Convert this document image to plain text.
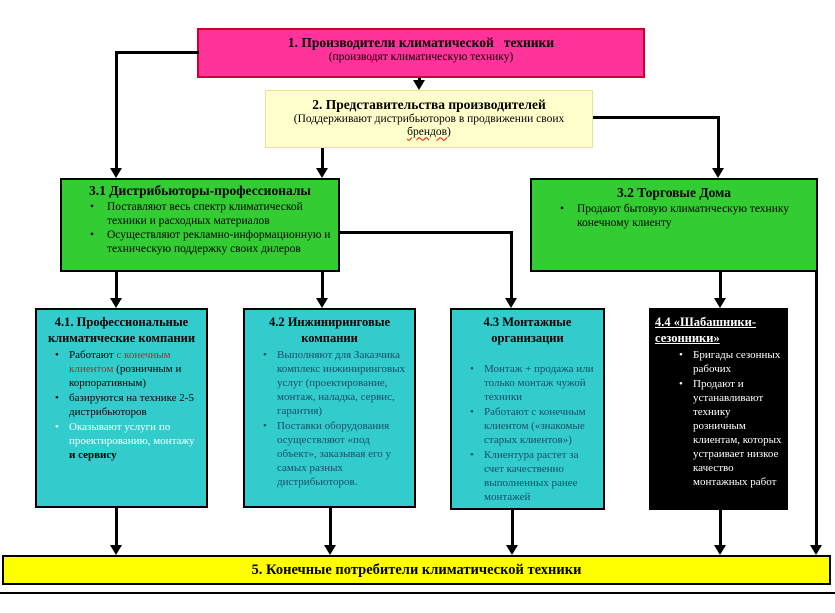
1. Производители климатической   техники
(производят климатическую технику)
2. Представительства производителей
(Поддерживают дистрибьюторов в продвижении своих брендов)
3.1 Дистрибьюторы-профессионалы
• Поставляют весь спектр климатической техники и расходных материалов
• Осуществляют рекламно-информационную и техническую поддержку своих дилеров
3.2 Торговые Дома
• Продают бытовую климатическую технику конечному клиенту
4.1. Профессиональные климатические компании
• Работают с конечным клиентом (розничным и корпоративным)
• базируются на технике 2-5 дистрибьюторов
• Оказывают услуги по проектированию, монтажу и сервису
4.2 Инжиниринговые компании
• Выполняют для Заказчика комплекс инжиниринговых услуг (проектирование, монтаж, наладка, сервис, гарантия)
• Поставки оборудования осуществляют «под объект», заказывая его у самых разных дистрибьюторов.
4.3 Монтажные организации
• Монтаж + продажа или только монтаж чужой техники
• Работают с конечным клиентом («знакомые старых клиентов»)
• Клиентура растет за счет качественно выполненных ранее монтажей
4.4 «Шабашники-сезонники»
• Бригады сезонных рабочих
• Продают и устанавливают технику розничным клиентам, которых устраивает низкое качество монтажных работ
5. Конечные потребители климатической техники
